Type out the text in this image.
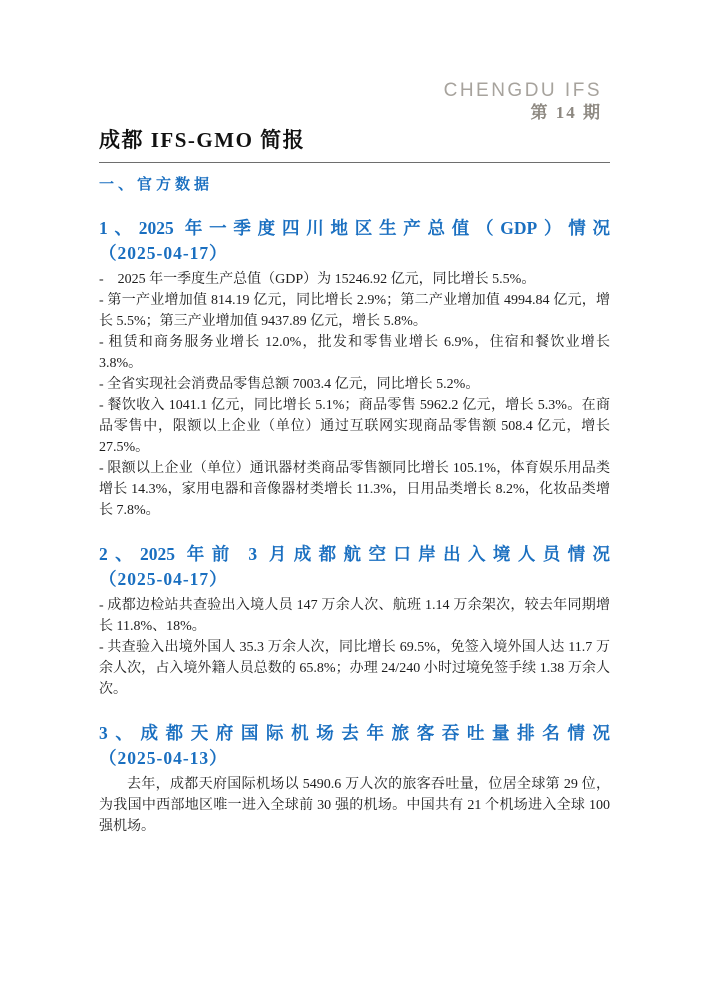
CHENGDU IFS
第 14 期
成都 IFS-GMO 简报
一、官方数据
1、2025 年一季度四川地区生产总值（GDP）情况
（2025-04-17）

-　2025 年一季度生产总值（GDP）为 15246.92 亿元，同比增长 5.5%。

- 第一产业增加值 814.19 亿元，同比增长 2.9%；第二产业增加值 4994.84 亿元，增长 5.5%；第三产业增加值 9437.89 亿元，增长 5.8%。

- 租赁和商务服务业增长 12.0%，批发和零售业增长 6.9%，住宿和餐饮业增长 3.8%。

- 全省实现社会消费品零售总额 7003.4 亿元，同比增长 5.2%。

- 餐饮收入 1041.1 亿元，同比增长 5.1%；商品零售 5962.2 亿元，增长 5.3%。在商品零售中，限额以上企业（单位）通过互联网实现商品零售额 508.4 亿元，增长 27.5%。

- 限额以上企业（单位）通讯器材类商品零售额同比增长 105.1%，体育娱乐用品类增长 14.3%，家用电器和音像器材类增长 11.3%，日用品类增长 8.2%，化妆品类增长 7.8%。

2、2025 年前 3 月成都航空口岸出入境人员情况
（2025-04-17）

- 成都边检站共查验出入境人员 147 万余人次、航班 1.14 万余架次，较去年同期增长 11.8%、18%。

- 共查验入出境外国人 35.3 万余人次，同比增长 69.5%，免签入境外国人达 11.7 万余人次，占入境外籍人员总数的 65.8%；办理 24/240 小时过境免签手续 1.38 万余人次。

3、成都天府国际机场去年旅客吞吐量排名情况
（2025-04-13）

去年，成都天府国际机场以 5490.6 万人次的旅客吞吐量，位居全球第 29 位，为我国中西部地区唯一进入全球前 30 强的机场。中国共有 21 个机场进入全球 100 强机场。
